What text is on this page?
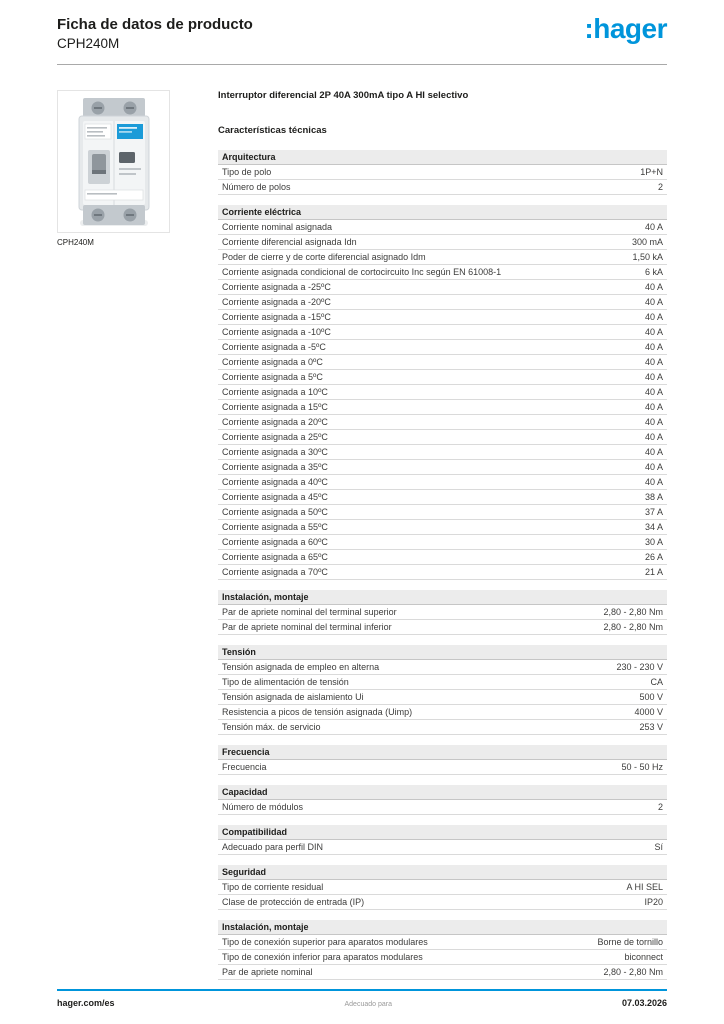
Ficha de datos de producto
CPH240M	:hager
CPH240M
Interruptor diferencial 2P 40A 300mA tipo A HI selectivo
Características técnicas
Arquitectura
Tipo de polo	1P+N
Número de polos	2
Corriente eléctrica
Corriente nominal asignada	40 A
Corriente diferencial asignada Idn	300 mA
Poder de cierre y de corte diferencial asignado Idm	1,50 kA
Corriente asignada condicional de cortocircuito Inc según EN 61008-1	6 kA
Corriente asignada a -25ºC	40 A
Corriente asignada a -20ºC	40 A
Corriente asignada a -15ºC	40 A
Corriente asignada a -10ºC	40 A
Corriente asignada a -5ºC	40 A
Corriente asignada a 0ºC	40 A
Corriente asignada a 5ºC	40 A
Corriente asignada a 10ºC	40 A
Corriente asignada a 15ºC	40 A
Corriente asignada a 20ºC	40 A
Corriente asignada a 25ºC	40 A
Corriente asignada a 30ºC	40 A
Corriente asignada a 35ºC	40 A
Corriente asignada a 40ºC	40 A
Corriente asignada a 45ºC	38 A
Corriente asignada a 50ºC	37 A
Corriente asignada a 55ºC	34 A
Corriente asignada a 60ºC	30 A
Corriente asignada a 65ºC	26 A
Corriente asignada a 70ºC	21 A
Instalación, montaje
Par de apriete nominal del terminal superior	2,80 - 2,80 Nm
Par de apriete nominal del terminal inferior	2,80 - 2,80 Nm
Tensión
Tensión asignada de empleo en alterna	230 - 230 V
Tipo de alimentación de tensión	CA
Tensión asignada de aislamiento Ui	500 V
Resistencia a picos de tensión asignada (Uimp)	4000 V
Tensión máx. de servicio	253 V
Frecuencia
Frecuencia	50 - 50 Hz
Capacidad
Número de módulos	2
Compatibilidad
Adecuado para perfil DIN	Sí
Seguridad
Tipo de corriente residual	A HI SEL
Clase de protección de entrada (IP)	IP20
Instalación, montaje
Tipo de conexión superior para aparatos modulares	Borne de tornillo
Tipo de conexión inferior para aparatos modulares	biconnect
Par de apriete nominal	2,80 - 2,80 Nm
hager.com/es	Adecuado para	07.03.2026
